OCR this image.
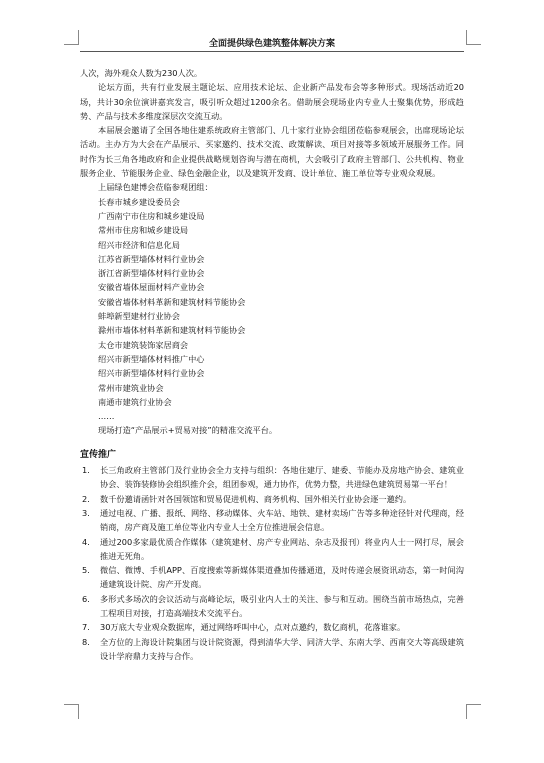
全面提供绿色建筑整体解决方案

人次，海外观众人数为230人次。

论坛方面，共有行业发展主题论坛、应用技术论坛、企业新产品发布会等多种形式。现场活动近20场，共计30余位演讲嘉宾发言，吸引听众超过1200余名。借助展会现场业内专业人士聚集优势，形成趋势、产品与技术多维度深层次交流互动。

本届展会邀请了全国各地住建系统政府主管部门、几十家行业协会组团莅临参观展会，出席现场论坛活动。主办方为大会在产品展示、买家邀约、技术交流、政策解读、项目对接等多领域开展服务工作。同时作为长三角各地政府和企业提供战略规划咨询与潜在商机，大会吸引了政府主管部门、公共机构、物业服务企业、节能服务企业、绿色金融企业，以及建筑开发商、设计单位、施工单位等专业观众观展。

上届绿色建博会莅临参观团组：

长春市城乡建设委员会

广西南宁市住房和城乡建设局

常州市住房和城乡建设局

绍兴市经济和信息化局

江苏省新型墙体材料行业协会

浙江省新型墙体材料行业协会

安徽省墙体屋面材料产业协会

安徽省墙体材料革新和建筑材料节能协会

蚌埠新型建材行业协会

滁州市墙体材料革新和建筑材料节能协会

太仓市建筑装饰家居商会

绍兴市新型墙体材料推广中心

绍兴市新型墙体材料行业协会

常州市建筑业协会

南通市建筑行业协会

……

现场打造“产品展示+贸易对接”的精准交流平台。

宣传推广

1. 长三角政府主管部门及行业协会全力支持与组织：各地住建厅、建委、节能办及房地产协会、建筑业协会、装饰装修协会组织推介会，组团参观，通力协作，优势力整，共进绿色建筑贸易第一平台！
2. 数千份邀请函针对各国领馆和贸易促进机构、商务机构、国外相关行业协会逐一邀约。
3. 通过电视、广播、报纸、网络、移动媒体、火车站、地铁、建材卖场广告等多种途径针对代理商，经销商，房产商及施工单位等业内专业人士全方位推进展会信息。
4. 通过200多家最优质合作媒体（建筑建材、房产专业网站、杂志及报刊）将业内人士一网打尽，展会推进无死角。
5. 微信、微博、手机APP、百度搜索等新媒体渠道叠加传播通道，及时传递会展资讯动态，第一时间沟通建筑设计院、房产开发商。
6. 多形式多场次的会议活动与高峰论坛，吸引业内人士的关注、参与和互动。围绕当前市场热点，完善工程项目对接，打造高端技术交流平台。
7. 30万底大专业观众数据库，通过网络呼叫中心，点对点邀约，数亿商机，花落谁家。
8. 全方位的上海设计院集团与设计院资源，得到清华大学、同济大学、东南大学、西南交大等高级建筑设计学府鼎力支持与合作。
